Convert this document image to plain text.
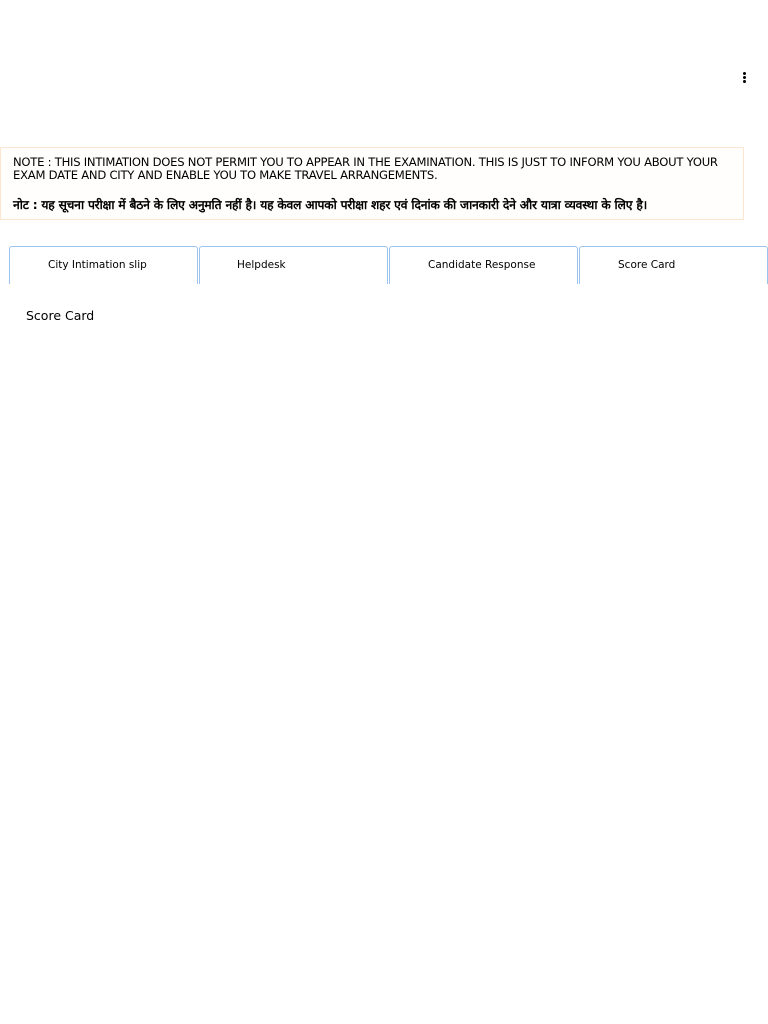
NOTE : THIS INTIMATION DOES NOT PERMIT YOU TO APPEAR IN THE EXAMINATION. THIS IS JUST TO INFORM YOU ABOUT YOUR EXAM DATE AND CITY AND ENABLE YOU TO MAKE TRAVEL ARRANGEMENTS.
नोट : यह सूचना परीक्षा में बैठने के लिए अनुमति नहीं है। यह केवल आपको परीक्षा शहर एवं दिनांक की जानकारी देने और यात्रा व्यवस्था के लिए है।
City Intimation slip	Helpdesk	Candidate Response	Score Card
Score Card
